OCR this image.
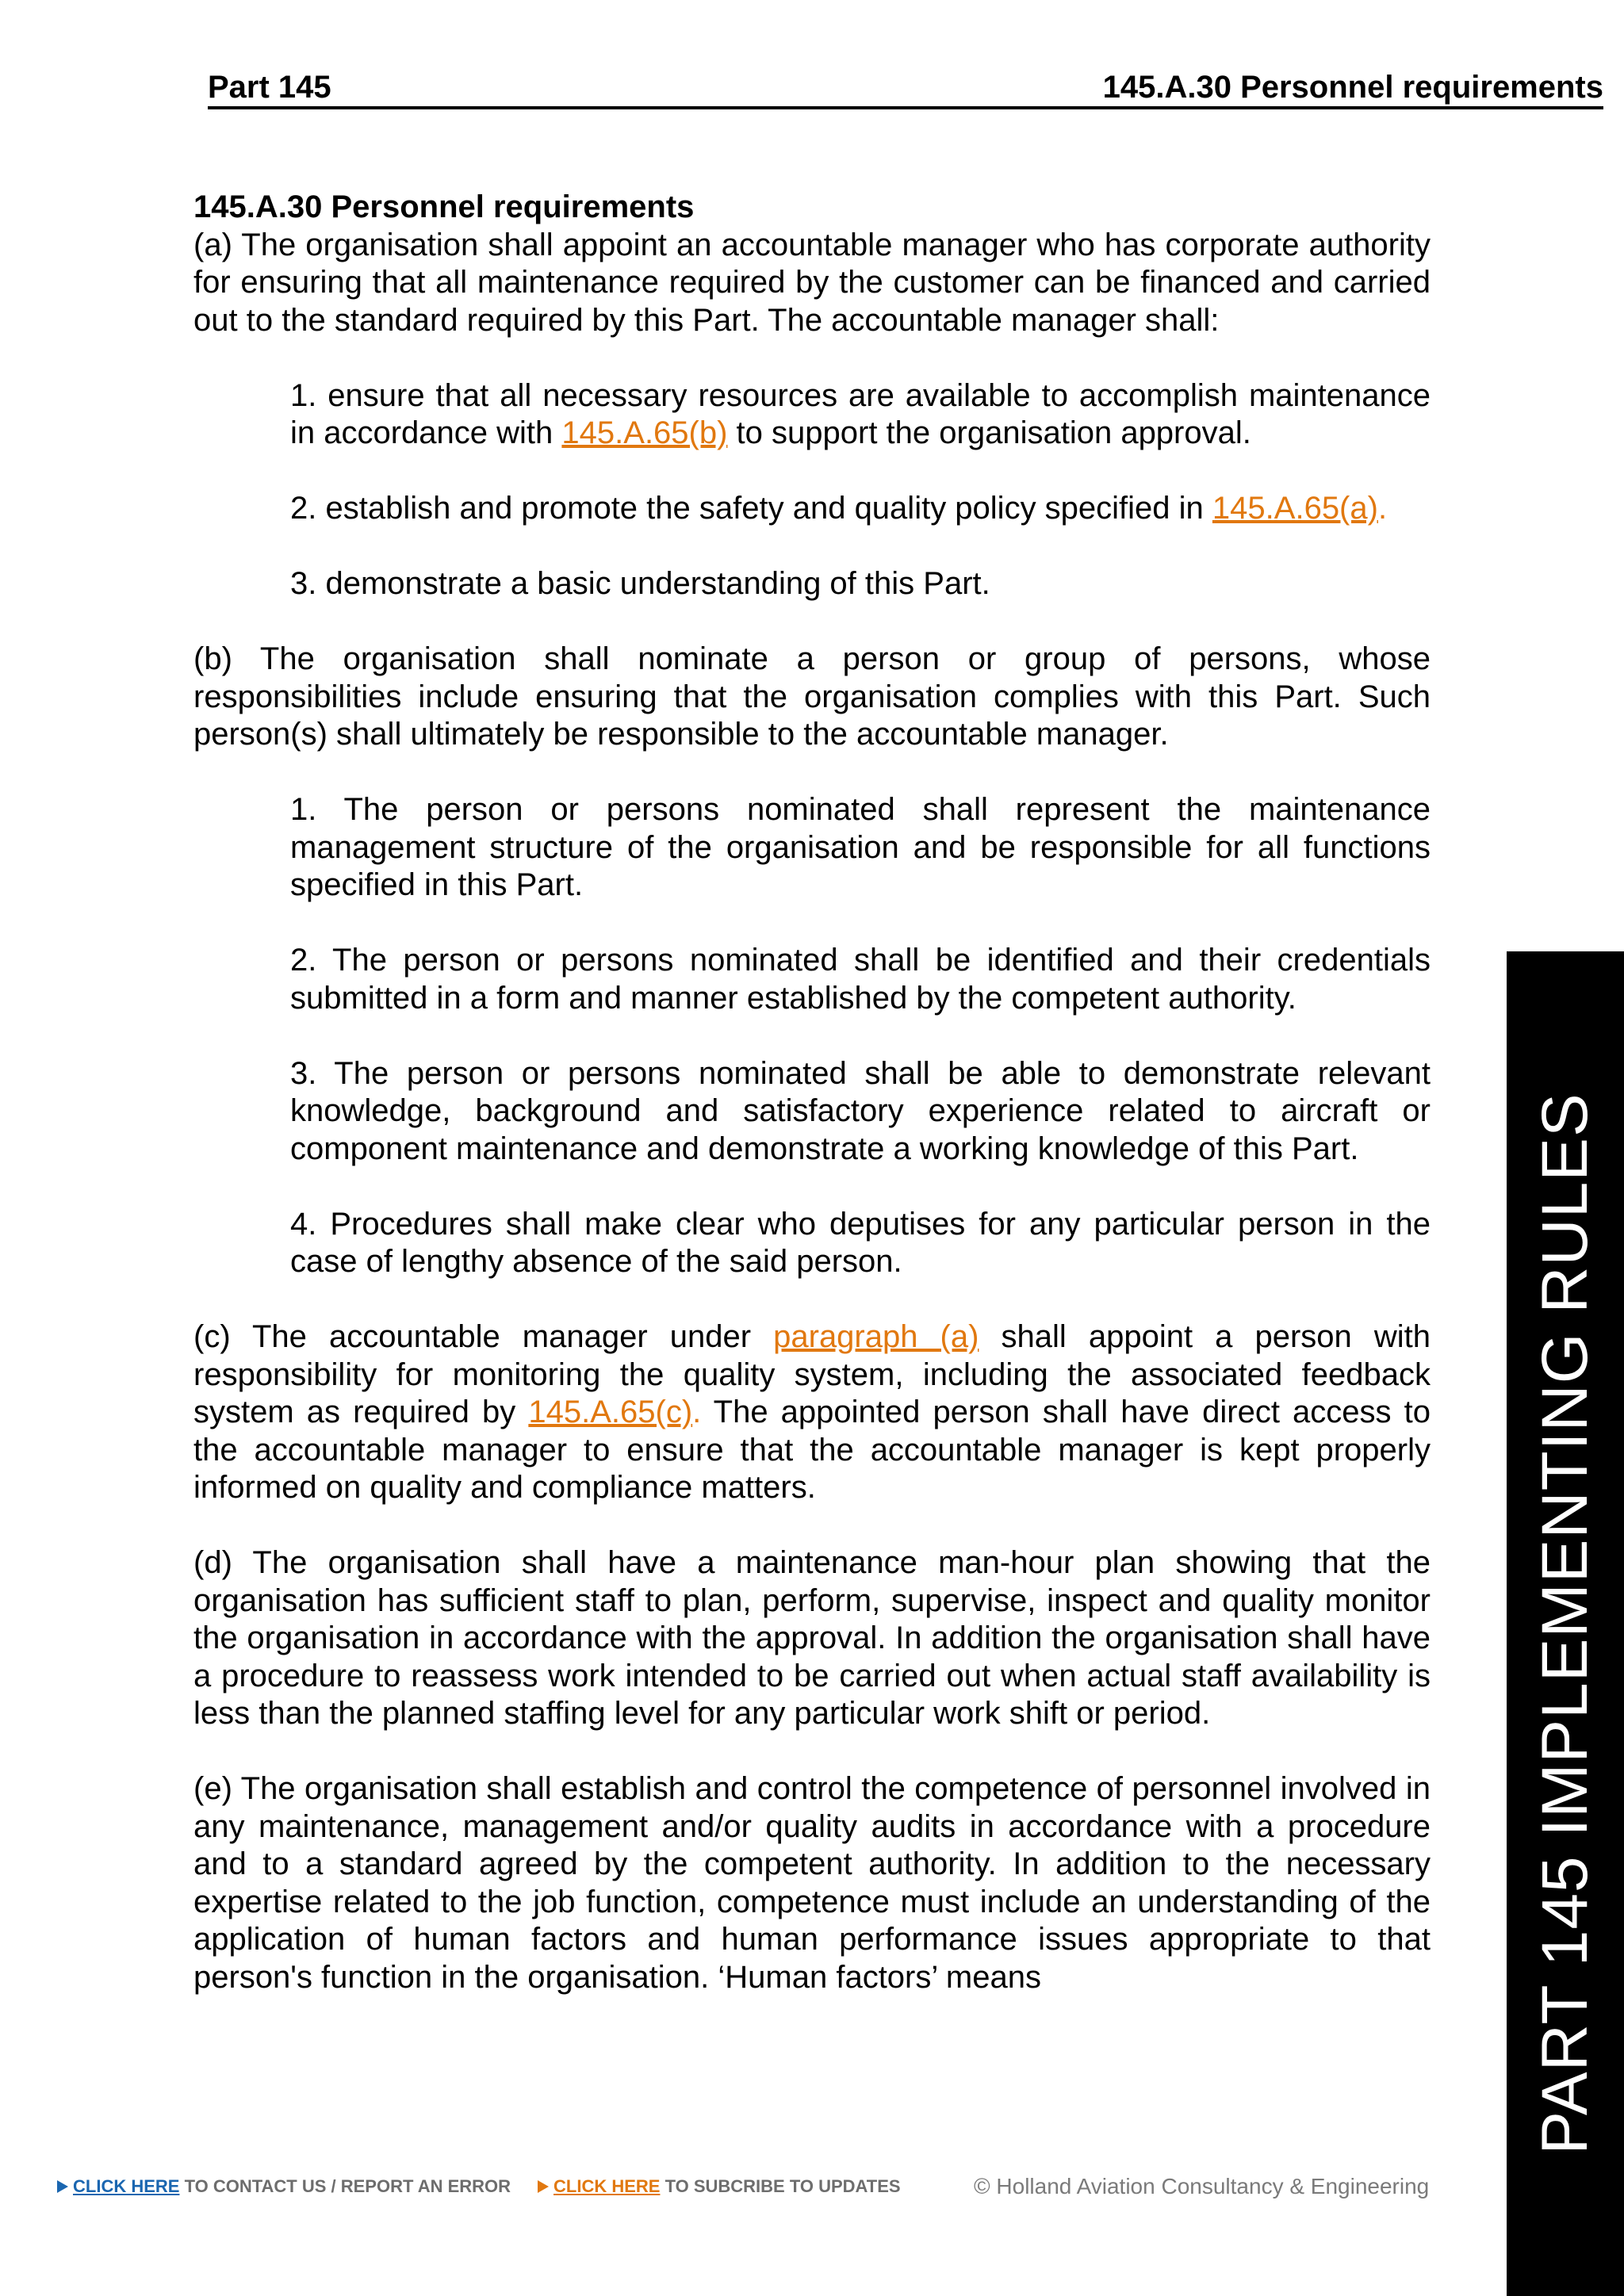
Part 145	145.A.30 Personnel requirements
145.A.30 Personnel requirements

(a) The organisation shall appoint an accountable manager who has corporate authority for ensuring that all maintenance required by the customer can be financed and carried out to the standard required by this Part. The accountable manager shall:

1. ensure that all necessary resources are available to accomplish maintenance in accordance with 145.A.65(b) to support the organisation approval.

2. establish and promote the safety and quality policy specified in 145.A.65(a).

3. demonstrate a basic understanding of this Part.

(b) The organisation shall nominate a person or group of persons, whose responsibilities include ensuring that the organisation complies with this Part. Such person(s) shall ultimately be responsible to the accountable manager.

1. The person or persons nominated shall represent the maintenance management structure of the organisation and be responsible for all functions specified in this Part.

2. The person or persons nominated shall be identified and their credentials submitted in a form and manner established by the competent authority.

3. The person or persons nominated shall be able to demonstrate relevant knowledge, background and satisfactory experience related to aircraft or component maintenance and demonstrate a working knowledge of this Part.

4. Procedures shall make clear who deputises for any particular person in the case of lengthy absence of the said person.

(c) The accountable manager under paragraph (a) shall appoint a person with responsibility for monitoring the quality system, including the associated feedback system as required by 145.A.65(c). The appointed person shall have direct access to the accountable manager to ensure that the accountable manager is kept properly informed on quality and compliance matters.

(d) The organisation shall have a maintenance man-hour plan showing that the organisation has sufficient staff to plan, perform, supervise, inspect and quality monitor the organisation in accordance with the approval. In addition the organisation shall have a procedure to reassess work intended to be carried out when actual staff availability is less than the planned staffing level for any particular work shift or period.

(e) The organisation shall establish and control the competence of personnel involved in any maintenance, management and/or quality audits in accordance with a procedure and to a standard agreed by the competent authority. In addition to the necessary expertise related to the job function, competence must include an understanding of the application of human factors and human performance issues appropriate to that person's function in the organisation. ‘Human factors’ means	PART 145 IMPLEMENTING RULES
CLICK HERE TO CONTACT US / REPORT AN ERROR	CLICK HERE TO SUBCRIBE TO UPDATES	© Holland Aviation Consultancy & Engineering
